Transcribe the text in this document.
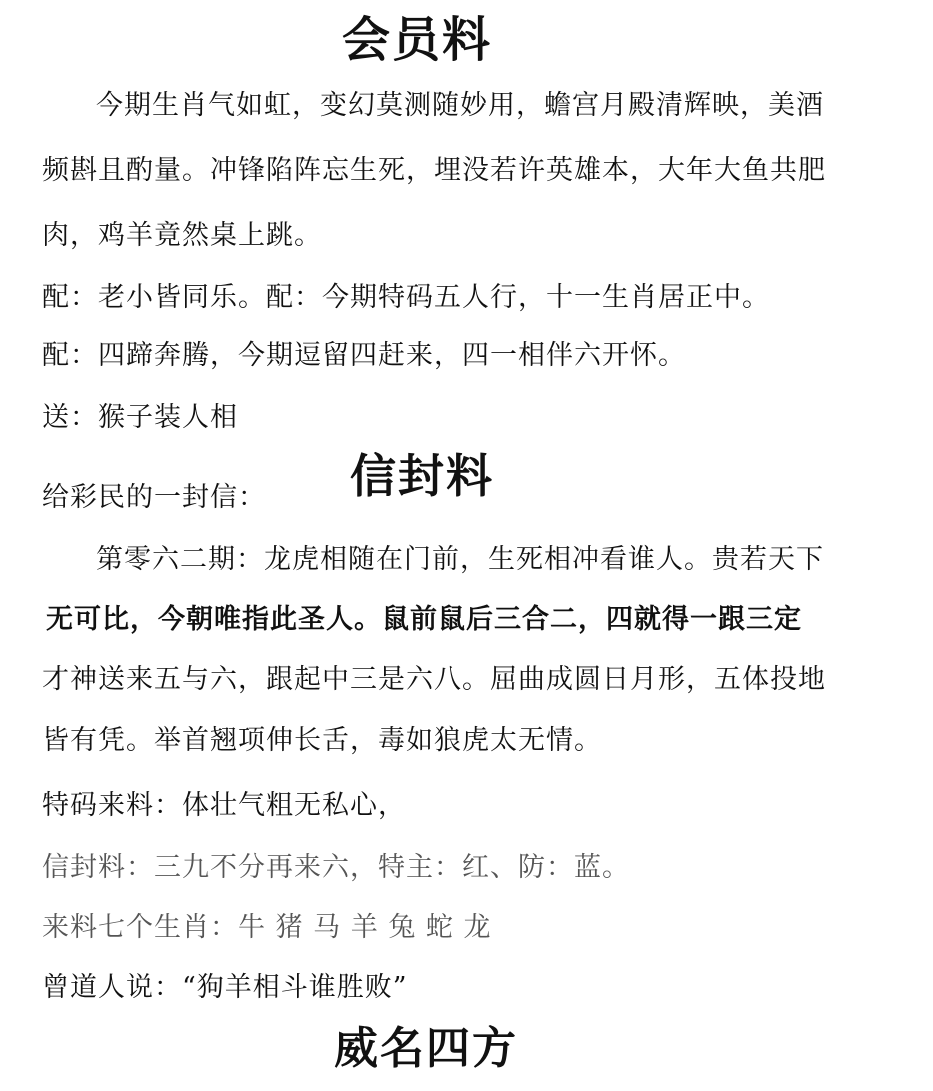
会员料
今期生肖气如虹，变幻莫测随妙用，蟾宫月殿清辉映，美酒
频斟且酌量。冲锋陷阵忘生死，埋没若许英雄本，大年大鱼共肥
肉，鸡羊竟然桌上跳。
配：老小皆同乐。配：今期特码五人行，十一生肖居正中。
配：四蹄奔腾，今期逗留四赶来，四一相伴六开怀。
送：猴子装人相
给彩民的一封信： 信封料
第零六二期：龙虎相随在门前，生死相冲看谁人。贵若天下
无可比，今朝唯指此圣人。鼠前鼠后三合二，四就得一跟三定
才神送来五与六，跟起中三是六八。屈曲成圆日月形，五体投地
皆有凭。举首翘项伸长舌，毒如狼虎太无情。
特码来料：体壮气粗无私心，
信封料：三九不分再来六，特主：红、防：蓝。
来料七个生肖：牛 猪 马 羊 兔 蛇 龙
曾道人说：“狗羊相斗谁胜败”
威名四方
